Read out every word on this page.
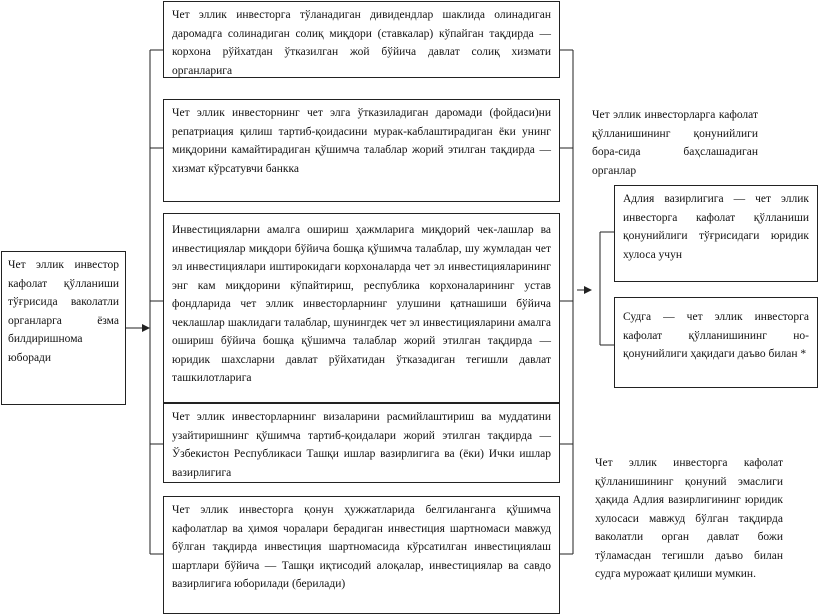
Чет эллик инвестор кафолат қўлланиши тўғрисида ваколатли органларга ёзма билдиришнома юборади
Чет эллик инвесторга тўланадиган дивидендлар шаклида олинадиган даромадга солинадиган солиқ миқдори (ставкалар) кўпайган тақдирда — корхона рўйхатдан ўтказилган жой бўйича давлат солиқ хизмати органларига
Чет эллик инвесторнинг чет элга ўтказиладиган даромади (фойдаси)ни репатриация қилиш тартиб-қоидасини мурак-каблаштирадиган ёки унинг миқдорини камайтирадиган қўшимча талаблар жорий этилган тақдирда — хизмат кўрсатувчи банкка
Инвестицияларни амалга ошириш ҳажмларига миқдорий чек-лашлар ва инвестициялар миқдори бўйича бошқа қўшимча талаблар, шу жумладан чет эл инвестициялари иштирокидаги корхоналарда чет эл инвестицияларининг энг кам миқдорини кўпайтириш, республика корхоналарининг устав фондларида чет эллик инвесторларнинг улушини қатнашиши бўйича чеклашлар шаклидаги талаблар, шунингдек чет эл инвестицияларини амалга ошириш бўйича бошқа қўшимча талаблар жорий этилган тақдирда — юридик шахсларни давлат рўйхатидан ўтказадиган тегишли давлат ташкилотларига
Чет эллик инвесторларнинг визаларини расмийлаштириш ва муддатини узайтиришнинг қўшимча тартиб-қоидалари жорий этилган тақдирда — Ўзбекистон Республикаси Ташқи ишлар вазирлигига ва (ёки) Ички ишлар вазирлигига
Чет эллик инвесторга қонун ҳужжатларида белгиланганга қўшимча кафолатлар ва ҳимоя чоралари берадиган инвестиция шартномаси мавжуд бўлган тақдирда инвестиция шартномасида кўрсатилган инвестициялаш шартлари бўйича — Ташқи иқтисодий алоқалар, инвестициялар ва савдо вазирлигига юборилади (берилади)
Чет эллик инвесторларга кафолат қўлланишининг қонунийлиги бора-сида баҳслашадиган органлар
Адлия вазирлигига — чет эллик инвесторга кафолат қўлланиши қонунийлиги тўғрисидаги юридик хулоса учун
Судга — чет эллик инвесторга кафолат қўлланишининг но-қонунийлиги ҳақидаги даъво билан *
Чет эллик инвесторга кафолат қўлланишининг қонуний эмаслиги ҳақида Адлия вазирлигининг юридик хулосаси мавжуд бўлган тақдирда ваколатли орган давлат божи тўламасдан тегишли даъво билан судга мурожаат қилиши мумкин.
